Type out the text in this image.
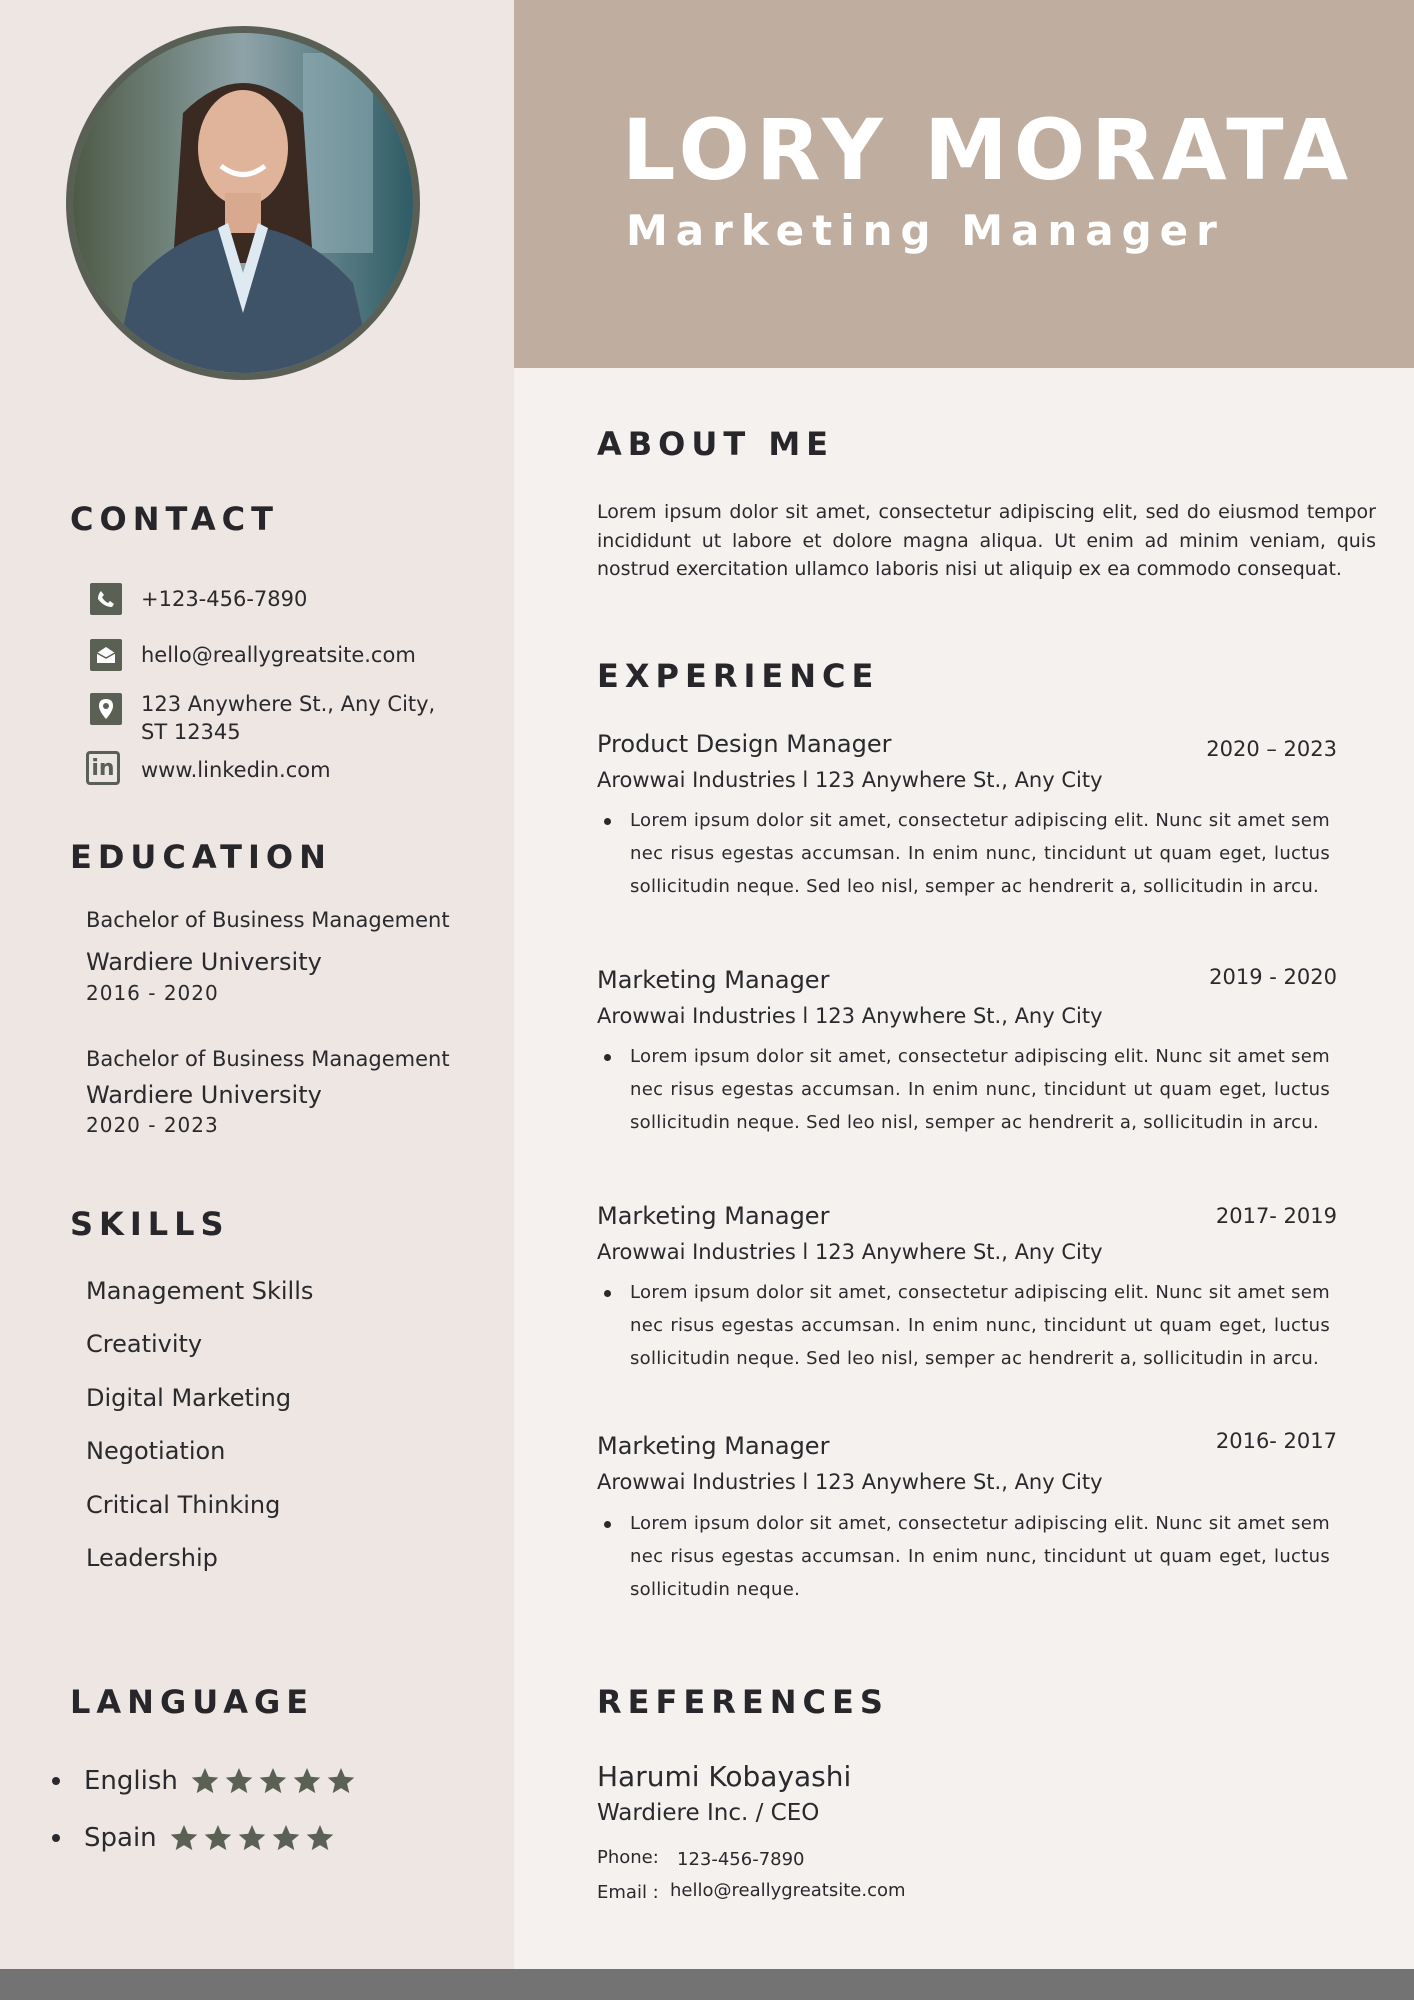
LORY MORATA
Marketing Manager
CONTACT
+123-456-7890
hello@reallygreatsite.com
123 Anywhere St., Any City,
ST 12345
in www.linkedin.com
EDUCATION
Bachelor of Business Management
Wardiere University
2016 - 2020
Bachelor of Business Management
Wardiere University
2020 - 2023
SKILLS
Management Skills
Creativity
Digital Marketing
Negotiation
Critical Thinking
Leadership
LANGUAGE
English
Spain
ABOUT ME
Lorem ipsum dolor sit amet, consectetur adipiscing elit, sed do eiusmod tempor incididunt ut labore et dolore magna aliqua. Ut enim ad minim veniam, quis nostrud exercitation ullamco laboris nisi ut aliquip ex ea commodo consequat.
EXPERIENCE
Product Design Manager	2020 – 2023
Arowwai Industries l 123 Anywhere St., Any City
Lorem ipsum dolor sit amet, consectetur adipiscing elit. Nunc sit amet sem nec risus egestas accumsan. In enim nunc, tincidunt ut quam eget, luctus sollicitudin neque. Sed leo nisl, semper ac hendrerit a, sollicitudin in arcu.
Marketing Manager	2019 - 2020
Arowwai Industries l 123 Anywhere St., Any City
Lorem ipsum dolor sit amet, consectetur adipiscing elit. Nunc sit amet sem nec risus egestas accumsan. In enim nunc, tincidunt ut quam eget, luctus sollicitudin neque. Sed leo nisl, semper ac hendrerit a, sollicitudin in arcu.
Marketing Manager	2017- 2019
Arowwai Industries l 123 Anywhere St., Any City
Lorem ipsum dolor sit amet, consectetur adipiscing elit. Nunc sit amet sem nec risus egestas accumsan. In enim nunc, tincidunt ut quam eget, luctus sollicitudin neque. Sed leo nisl, semper ac hendrerit a, sollicitudin in arcu.
Marketing Manager	2016- 2017
Arowwai Industries l 123 Anywhere St., Any City
Lorem ipsum dolor sit amet, consectetur adipiscing elit. Nunc sit amet sem nec risus egestas accumsan. In enim nunc, tincidunt ut quam eget, luctus sollicitudin neque.
REFERENCES
Harumi Kobayashi
Wardiere Inc. / CEO
Phone: 123-456-7890
Email : hello@reallygreatsite.com
